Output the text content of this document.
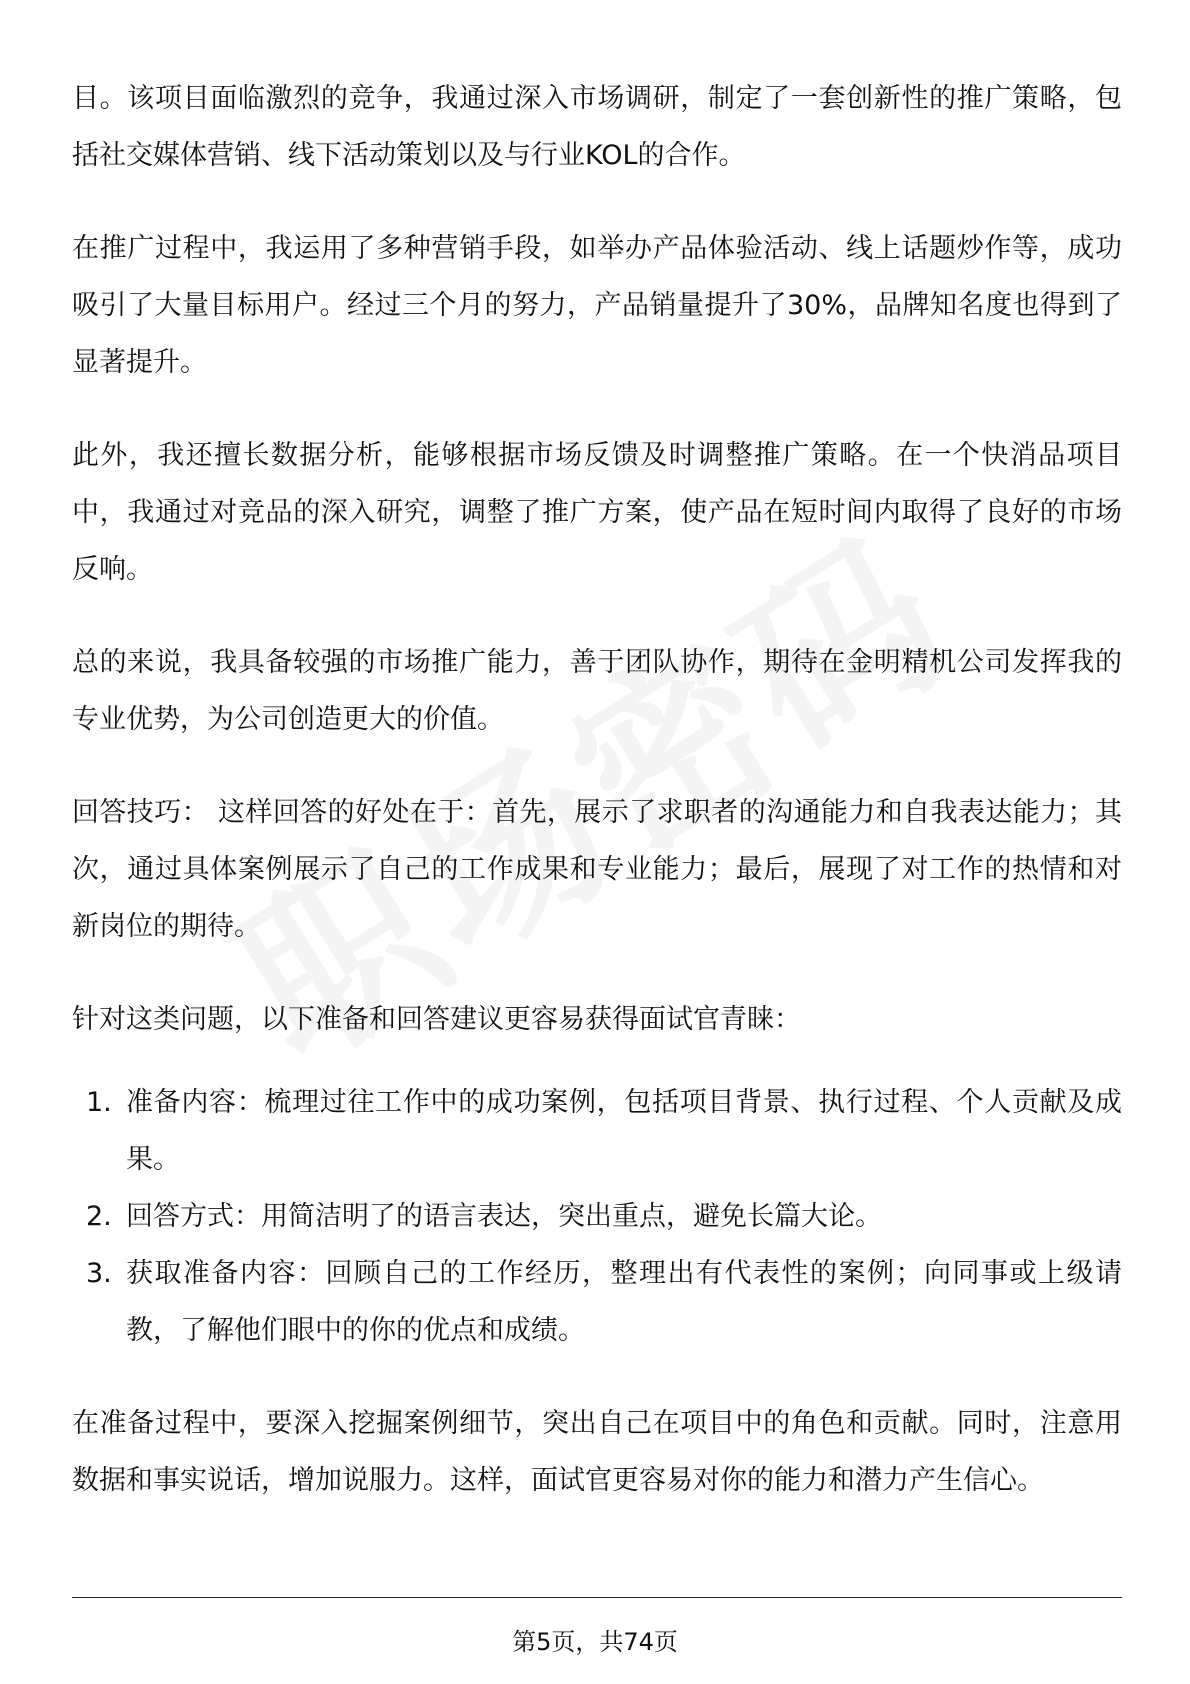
目。该项目面临激烈的竞争，我通过深入市场调研，制定了一套创新性的推广策略，包括社交媒体营销、线下活动策划以及与行业KOL的合作。

在推广过程中，我运用了多种营销手段，如举办产品体验活动、线上话题炒作等，成功吸引了大量目标用户。经过三个月的努力，产品销量提升了30%，品牌知名度也得到了显著提升。

此外，我还擅长数据分析，能够根据市场反馈及时调整推广策略。在一个快消品项目中，我通过对竞品的深入研究，调整了推广方案，使产品在短时间内取得了良好的市场反响。

总的来说，我具备较强的市场推广能力，善于团队协作，期待在金明精机公司发挥我的专业优势，为公司创造更大的价值。

回答技巧： 这样回答的好处在于：首先，展示了求职者的沟通能力和自我表达能力；其次，通过具体案例展示了自己的工作成果和专业能力；最后，展现了对工作的热情和对新岗位的期待。

针对这类问题，以下准备和回答建议更容易获得面试官青睐：

1. 准备内容：梳理过往工作中的成功案例，包括项目背景、执行过程、个人贡献及成果。
2. 回答方式：用简洁明了的语言表达，突出重点，避免长篇大论。
3. 获取准备内容：回顾自己的工作经历，整理出有代表性的案例；向同事或上级请教，了解他们眼中的你的优点和成绩。

在准备过程中，要深入挖掘案例细节，突出自己在项目中的角色和贡献。同时，注意用数据和事实说话，增加说服力。这样，面试官更容易对你的能力和潜力产生信心。

第5页，共74页
